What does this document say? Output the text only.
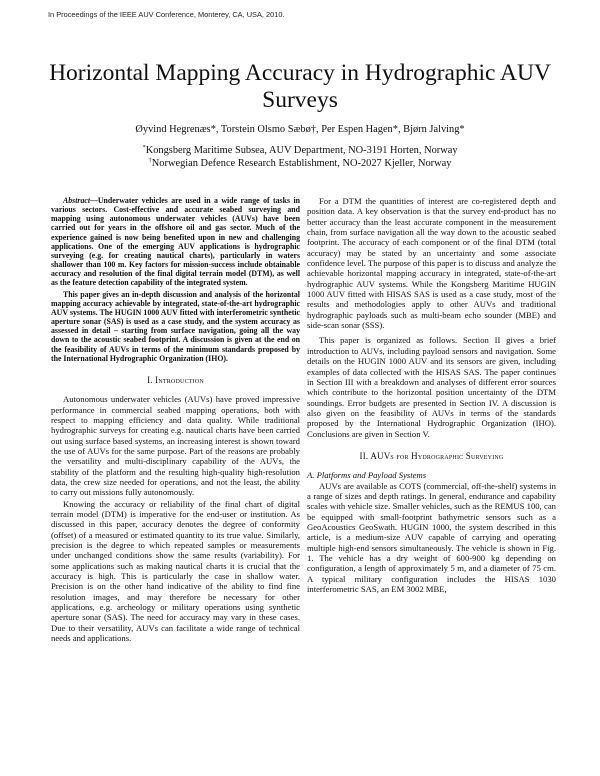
In Proceedings of the IEEE AUV Conference, Monterey, CA, USA, 2010.
Horizontal Mapping Accuracy in Hydrographic AUV Surveys
Øyvind Hegrenæs*, Torstein Olsmo Sæbø†, Per Espen Hagen*, Bjørn Jalving*
*Kongsberg Maritime Subsea, AUV Department, NO-3191 Horten, Norway
†Norwegian Defence Research Establishment, NO-2027 Kjeller, Norway

Abstract—Underwater vehicles are used in a wide range of tasks in various sectors. Cost-effective and accurate seabed surveying and mapping using autonomous underwater vehicles (AUVs) have been carried out for years in the offshore oil and gas sector. Much of the experience gained is now being benefited upon in new and challenging applications. One of the emerging AUV applications is hydrographic surveying (e.g. for creating nautical charts), particularly in waters shallower than 100 m. Key factors for mission-success include obtainable accuracy and resolution of the final digital terrain model (DTM), as well as the feature detection capability of the integrated system.

This paper gives an in-depth discussion and analysis of the horizontal mapping accuracy achievable by integrated, state-of-the-art hydrographic AUV systems. The HUGIN 1000 AUV fitted with interferometric synthetic aperture sonar (SAS) is used as a case study, and the system accuracy as assessed in detail – starting from surface navigation, going all the way down to the acoustic seabed footprint. A discussion is given at the end on the feasibility of AUVs in terms of the minimum standards proposed by the International Hydrographic Organization (IHO).

I. Introduction

Autonomous underwater vehicles (AUVs) have proved impressive performance in commercial seabed mapping operations, both with respect to mapping efficiency and data quality. While traditional hydrographic surveys for creating e.g. nautical charts have been carried out using surface based systems, an increasing interest is shown toward the use of AUVs for the same purpose. Part of the reasons are probably the versatility and multi-disciplinary capability of the AUVs, the stability of the platform and the resulting high-quality high-resolution data, the crew size needed for operations, and not the least, the ability to carry out missions fully autonomously.

Knowing the accuracy or reliability of the final chart of digital terrain model (DTM) is imperative for the end-user or institution. As discussed in this paper, accuracy denotes the degree of conformity (offset) of a measured or estimated quantity to its true value. Similarly, precision is the degree to which repeated samples or measurements under unchanged conditions show the same results (variability). For some applications such as making nautical charts it is crucial that the accuracy is high. This is particularly the case in shallow water. Precision is on the other hand indicative of the ability to find fine resolution images, and may therefore be necessary for other applications, e.g. archeology or military operations using synthetic aperture sonar (SAS). The need for accuracy may vary in these cases. Due to their versatility, AUVs can facilitate a wide range of technical needs and applications.

For a DTM the quantities of interest are co-registered depth and position data. A key observation is that the survey end-product has no better accuracy than the least accurate component in the measurement chain, from surface navigation all the way down to the acoustic seabed footprint. The accuracy of each component or of the final DTM (total accuracy) may be stated by an uncertainty and some associate confidence level. The purpose of this paper is to discuss and analyze the achievable horizontal mapping accuracy in integrated, state-of-the-art hydrographic AUV systems. While the Kongsberg Maritime HUGIN 1000 AUV fitted with HISAS SAS is used as a case study, most of the results and methodologies apply to other AUVs and traditional hydrographic payloads such as multi-beam echo sounder (MBE) and side-scan sonar (SSS).

This paper is organized as follows. Section II gives a brief introduction to AUVs, including payload sensors and navigation. Some details on the HUGIN 1000 AUV and its sensors are given, including examples of data collected with the HISAS SAS. The paper continues in Section III with a breakdown and analyses of different error sources which contribute to the horizontal position uncertainty of the DTM soundings. Error budgets are presented in Section IV. A discussion is also given on the feasibility of AUVs in terms of the standards proposed by the International Hydrographic Organization (IHO). Conclusions are given in Section V.

II. AUVs for Hydrographic Surveying

A. Platforms and Payload Systems

AUVs are available as COTS (commercial, off-the-shelf) systems in a range of sizes and depth ratings. In general, endurance and capability scales with vehicle size. Smaller vehicles, such as the REMUS 100, can be equipped with small-footprint bathymetric sensors such as a GeoAcoustics GeoSwath. HUGIN 1000, the system described in this article, is a medium-size AUV capable of carrying and operating multiple high-end sensors simultaneously. The vehicle is shown in Fig. 1. The vehicle has a dry weight of 600-900 kg depending on configuration, a length of approximately 5 m, and a diameter of 75 cm. A typical military configuration includes the HISAS 1030 interferometric SAS, an EM 3002 MBE,
